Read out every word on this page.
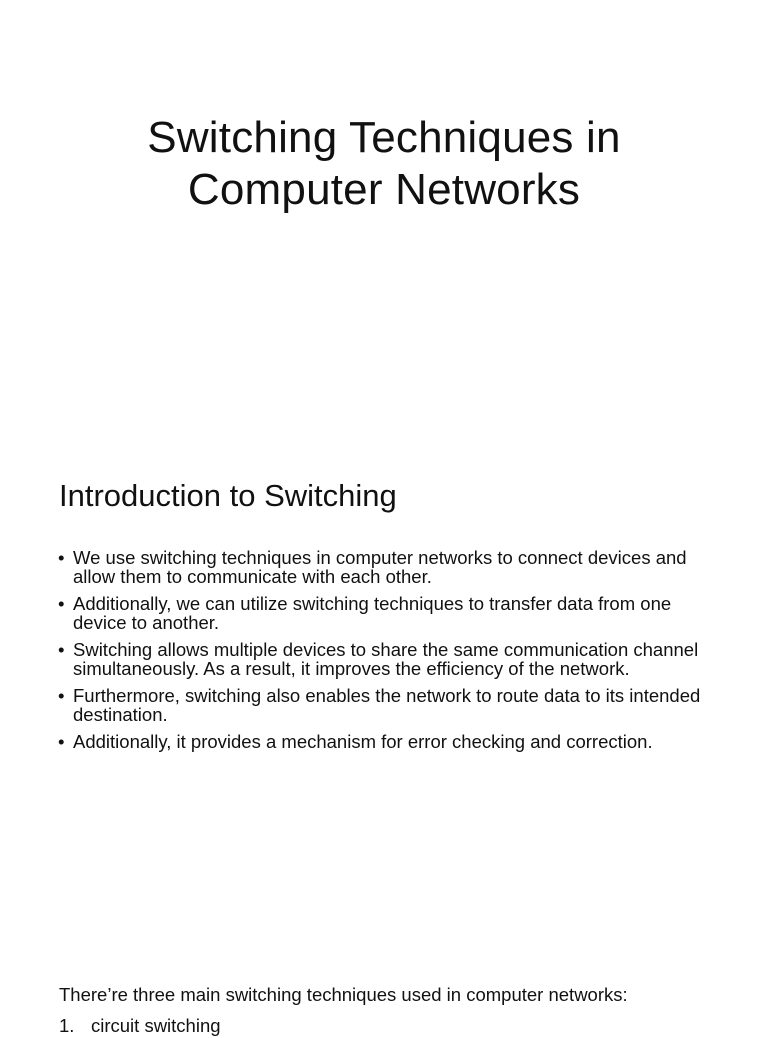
Switching Techniques in
Computer Networks
Introduction to Switching
• We use switching techniques in computer networks to connect devices and allow them to communicate with each other.
• Additionally, we can utilize switching techniques to transfer data from one device to another.
• Switching allows multiple devices to share the same communication channel simultaneously. As a result, it improves the efficiency of the network.
• Furthermore, switching also enables the network to route data to its intended destination.
• Additionally, it provides a mechanism for error checking and correction.
There’re three main switching techniques used in computer networks:
1. circuit switching
